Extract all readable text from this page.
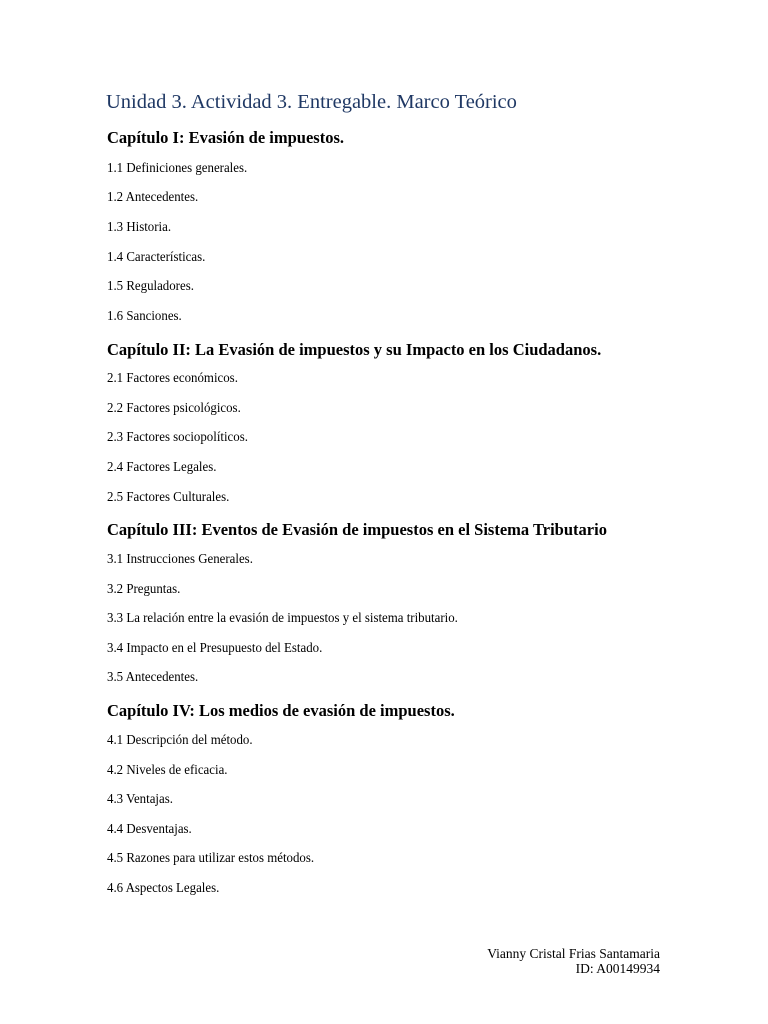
Unidad 3. Actividad 3. Entregable. Marco Teórico
Capítulo I: Evasión de impuestos.

1.1 Definiciones generales.

1.2 Antecedentes.

1.3 Historia.

1.4 Características.

1.5 Reguladores.

1.6 Sanciones.

Capítulo II: La Evasión de impuestos y su Impacto en los Ciudadanos.

2.1 Factores económicos.

2.2 Factores psicológicos.

2.3 Factores sociopolíticos.

2.4 Factores Legales.

2.5 Factores Culturales.

Capítulo III: Eventos de Evasión de impuestos en el Sistema Tributario

3.1 Instrucciones Generales.

3.2 Preguntas.

3.3 La relación entre la evasión de impuestos y el sistema tributario.

3.4 Impacto en el Presupuesto del Estado.

3.5 Antecedentes.

Capítulo IV: Los medios de evasión de impuestos.

4.1 Descripción del método.

4.2 Niveles de eficacia.

4.3 Ventajas.

4.4 Desventajas.

4.5 Razones para utilizar estos métodos.

4.6 Aspectos Legales.

Vianny Cristal Frias Santamaria
ID: A00149934
